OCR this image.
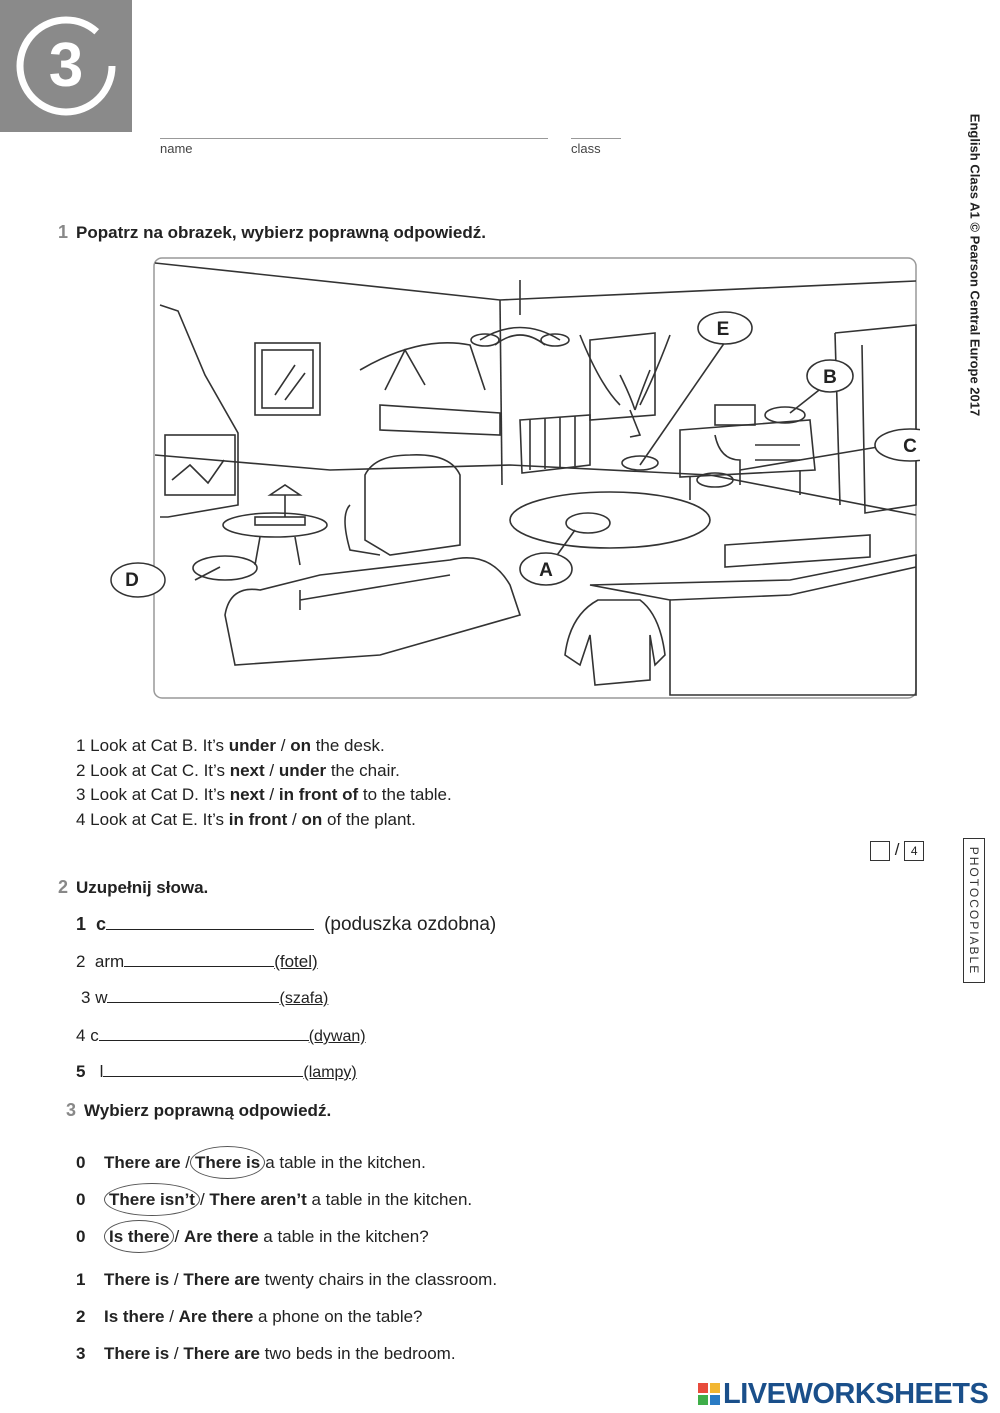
3
name	class	English Class A1 © Pearson Central Europe 2017
PHOTOCOPIABLE
1 Popatrz na obrazek, wybierz poprawną odpowiedź.
E
B
C
A
D
1 Look at Cat B. It’s under / on the desk.
2 Look at Cat C. It’s next / under the chair.
3 Look at Cat D. It’s next / in front of to the table.
4 Look at Cat E. It’s in front / on of the plant.
/ 4
2 Uzupełnij słowa.
1 c	(poduszka ozdobna)
2 arm	(fotel)
3 w	(szafa)
4 c	(dywan)
5 l	(lampy)
3 Wybierz poprawną odpowiedź.
0 There are / There is a table in the kitchen.
0 There isn’t / There aren’t a table in the kitchen.
0 Is there / Are there a table in the kitchen?
1 There is / There are twenty chairs in the classroom.
2 Is there / Are there a phone on the table?
3 There is / There are two beds in the bedroom.
LIVEWORKSHEETS
